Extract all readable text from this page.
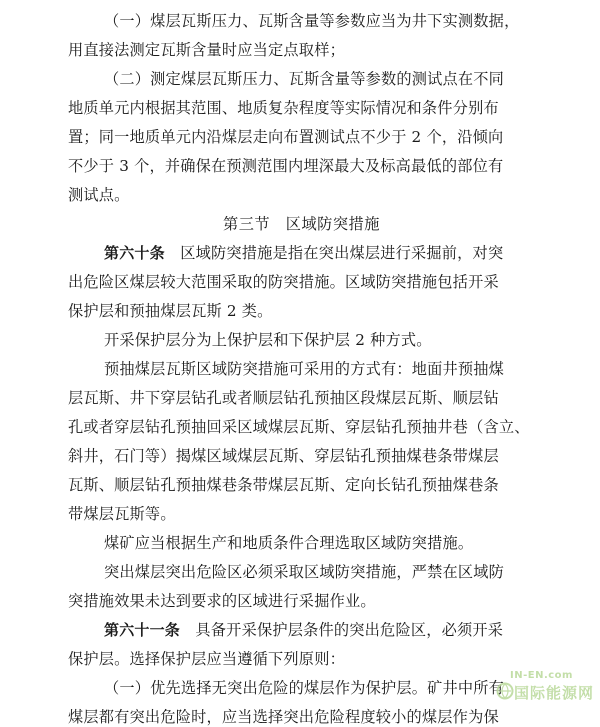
（一）煤层瓦斯压力、瓦斯含量等参数应当为井下实测数据，
用直接法测定瓦斯含量时应当定点取样；
（二）测定煤层瓦斯压力、瓦斯含量等参数的测试点在不同
地质单元内根据其范围、地质复杂程度等实际情况和条件分别布
置；同一地质单元内沿煤层走向布置测试点不少于 2 个，沿倾向
不少于 3 个，并确保在预测范围内埋深最大及标高最低的部位有
测试点。
第三节　区域防突措施
第六十条　区域防突措施是指在突出煤层进行采掘前，对突
出危险区煤层较大范围采取的防突措施。区域防突措施包括开采
保护层和预抽煤层瓦斯 2 类。
开采保护层分为上保护层和下保护层 2 种方式。
预抽煤层瓦斯区域防突措施可采用的方式有：地面井预抽煤
层瓦斯、井下穿层钻孔或者顺层钻孔预抽区段煤层瓦斯、顺层钻
孔或者穿层钻孔预抽回采区域煤层瓦斯、穿层钻孔预抽井巷（含立、
斜井，石门等）揭煤区域煤层瓦斯、穿层钻孔预抽煤巷条带煤层
瓦斯、顺层钻孔预抽煤巷条带煤层瓦斯、定向长钻孔预抽煤巷条
带煤层瓦斯等。
煤矿应当根据生产和地质条件合理选取区域防突措施。
突出煤层突出危险区必须采取区域防突措施，严禁在区域防
突措施效果未达到要求的区域进行采掘作业。
第六十一条　具备开采保护层条件的突出危险区，必须开采
保护层。选择保护层应当遵循下列原则：
（一）优先选择无突出危险的煤层作为保护层。矿井中所有
煤层都有突出危险时，应当选择突出危险程度较小的煤层作为保
IN-EN.com
国际能源网
